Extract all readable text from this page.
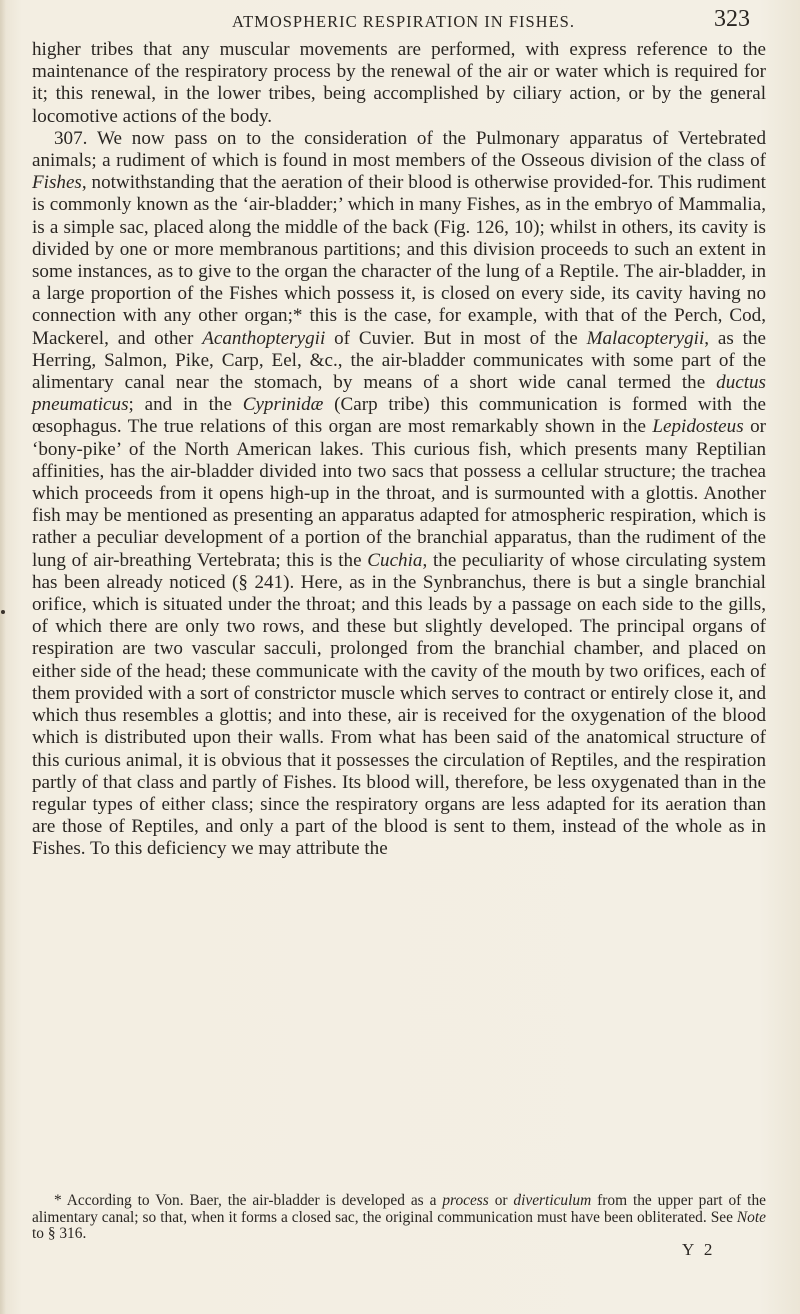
ATMOSPHERIC RESPIRATION IN FISHES.	323

higher tribes that any muscular movements are performed, with express reference to the maintenance of the respiratory process by the renewal of the air or water which is required for it; this renewal, in the lower tribes, being accomplished by ciliary action, or by the general locomotive actions of the body.

307. We now pass on to the consideration of the Pulmonary apparatus of Vertebrated animals; a rudiment of which is found in most members of the Osseous division of the class of Fishes, notwithstanding that the aeration of their blood is otherwise provided-for. This rudiment is commonly known as the ‘air-bladder;’ which in many Fishes, as in the embryo of Mammalia, is a simple sac, placed along the middle of the back (Fig. 126, 10); whilst in others, its cavity is divided by one or more membranous partitions; and this division proceeds to such an extent in some instances, as to give to the organ the character of the lung of a Reptile. The air-bladder, in a large proportion of the Fishes which possess it, is closed on every side, its cavity having no connection with any other organ;* this is the case, for example, with that of the Perch, Cod, Mackerel, and other Acanthopterygii of Cuvier. But in most of the Malacopterygii, as the Herring, Salmon, Pike, Carp, Eel, &c., the air-bladder communicates with some part of the alimentary canal near the stomach, by means of a short wide canal termed the ductus pneumaticus; and in the Cyprinidæ (Carp tribe) this communication is formed with the œsophagus. The true relations of this organ are most remarkably shown in the Lepidosteus or ‘bony-pike’ of the North American lakes. This curious fish, which presents many Reptilian affinities, has the air-bladder divided into two sacs that possess a cellular structure; the trachea which proceeds from it opens high-up in the throat, and is surmounted with a glottis. Another fish may be mentioned as presenting an apparatus adapted for atmospheric respiration, which is rather a peculiar development of a portion of the branchial apparatus, than the rudiment of the lung of air-breathing Vertebrata; this is the Cuchia, the peculiarity of whose circulating system has been already noticed (§ 241). Here, as in the Synbranchus, there is but a single branchial orifice, which is situated under the throat; and this leads by a passage on each side to the gills, of which there are only two rows, and these but slightly developed. The principal organs of respiration are two vascular sacculi, prolonged from the branchial chamber, and placed on either side of the head; these communicate with the cavity of the mouth by two orifices, each of them provided with a sort of constrictor muscle which serves to contract or entirely close it, and which thus resembles a glottis; and into these, air is received for the oxygenation of the blood which is distributed upon their walls. From what has been said of the anatomical structure of this curious animal, it is obvious that it possesses the circulation of Reptiles, and the respiration partly of that class and partly of Fishes. Its blood will, therefore, be less oxygenated than in the regular types of either class; since the respiratory organs are less adapted for its aeration than are those of Reptiles, and only a part of the blood is sent to them, instead of the whole as in Fishes. To this deficiency we may attribute the

* According to Von. Baer, the air-bladder is developed as a process or diverticulum from the upper part of the alimentary canal; so that, when it forms a closed sac, the original communication must have been obliterated. See Note to § 316.

Y 2
